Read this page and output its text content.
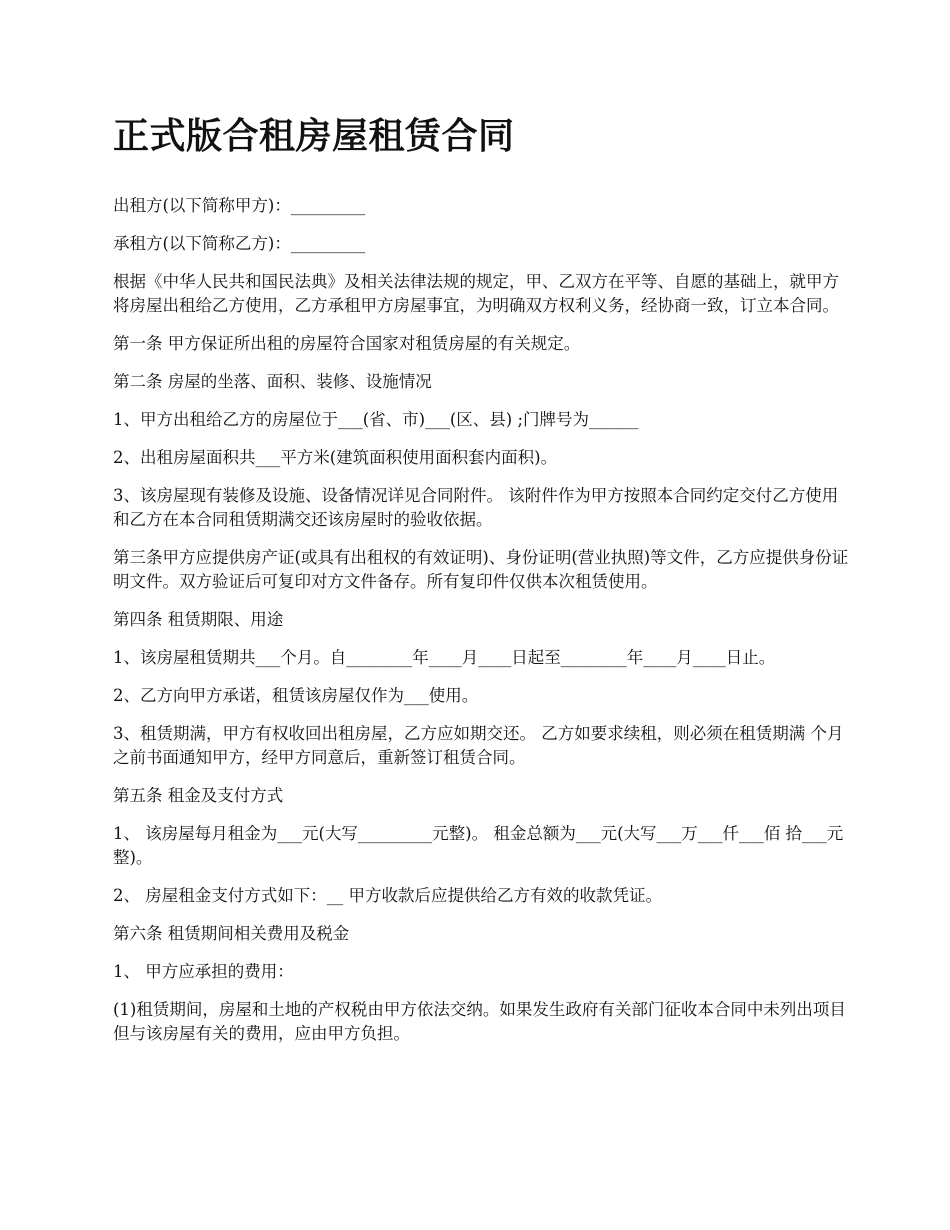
正式版合租房屋租赁合同

出租方(以下简称甲方)：_________

承租方(以下简称乙方)：_________

根据《中华人民共和国民法典》及相关法律法规的规定，甲、乙双方在平等、自愿的基础上，就甲方将房屋出租给乙方使用，乙方承租甲方房屋事宜，为明确双方权利义务，经协商一致，订立本合同。

第一条 甲方保证所出租的房屋符合国家对租赁房屋的有关规定。

第二条 房屋的坐落、面积、装修、设施情况

1、甲方出租给乙方的房屋位于___(省、市)___(区、县) ;门牌号为______

2、出租房屋面积共___平方米(建筑面积使用面积套内面积)。

3、该房屋现有装修及设施、设备情况详见合同附件。 该附件作为甲方按照本合同约定交付乙方使用和乙方在本合同租赁期满交还该房屋时的验收依据。

第三条甲方应提供房产证(或具有出租权的有效证明)、身份证明(营业执照)等文件，乙方应提供身份证明文件。双方验证后可复印对方文件备存。所有复印件仅供本次租赁使用。

第四条 租赁期限、用途

1、该房屋租赁期共___个月。自________年____月____日起至________年____月____日止。

2、乙方向甲方承诺，租赁该房屋仅作为___使用。

3、租赁期满，甲方有权收回出租房屋，乙方应如期交还。 乙方如要求续租，则必须在租赁期满 个月之前书面通知甲方，经甲方同意后，重新签订租赁合同。

第五条 租金及支付方式

1、 该房屋每月租金为___元(大写_________元整)。 租金总额为___元(大写___万___仟___佰 拾___元整)。

2、 房屋租金支付方式如下：__ 甲方收款后应提供给乙方有效的收款凭证。

第六条 租赁期间相关费用及税金

1、 甲方应承担的费用：

(1)租赁期间，房屋和土地的产权税由甲方依法交纳。如果发生政府有关部门征收本合同中未列出项目但与该房屋有关的费用，应由甲方负担。
